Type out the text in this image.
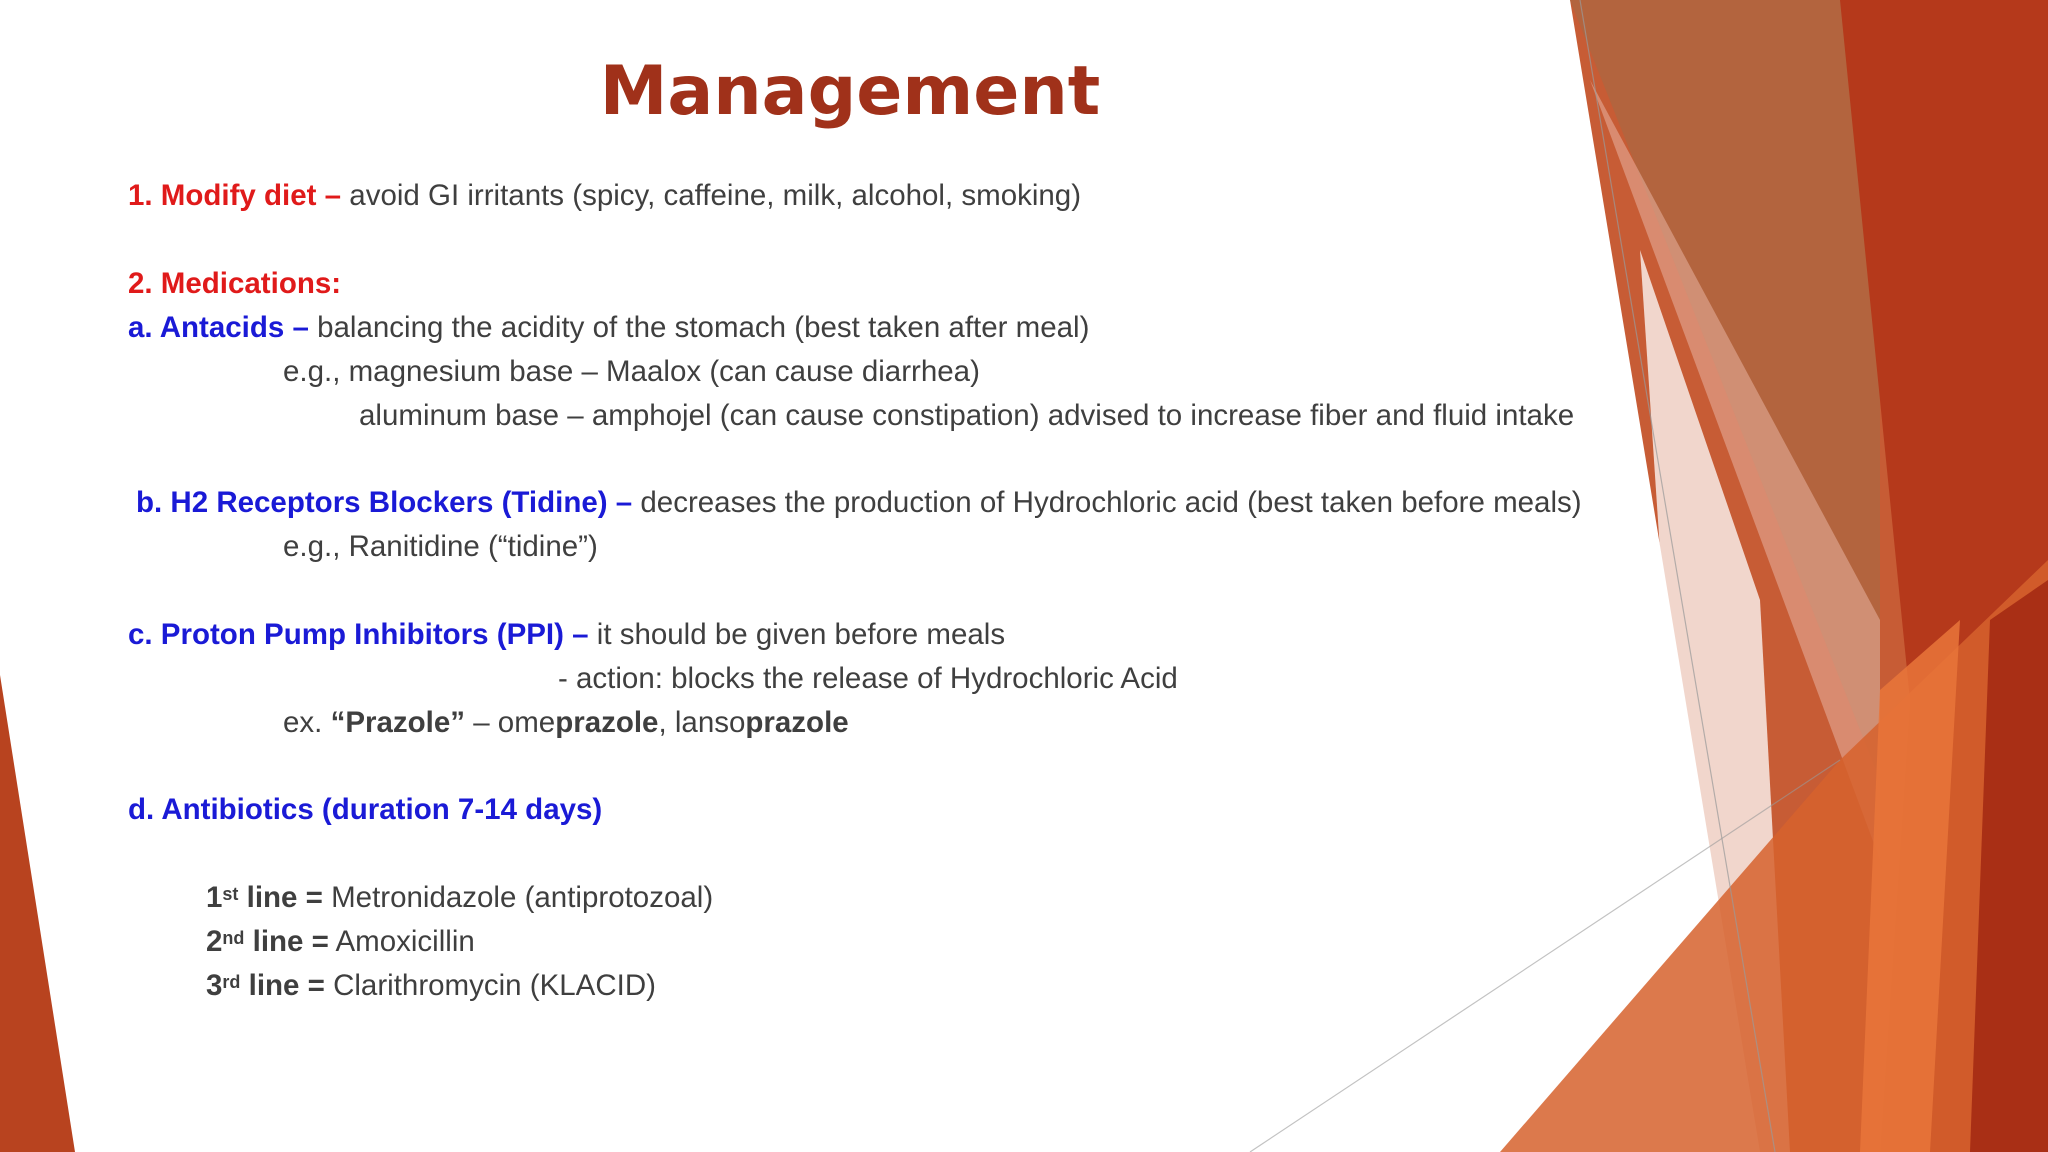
Management
1. Modify diet – avoid GI irritants (spicy, caffeine, milk, alcohol, smoking)
2. Medications:
a. Antacids – balancing the acidity of the stomach (best taken after meal)
e.g., magnesium base – Maalox (can cause diarrhea)
aluminum base – amphojel (can cause constipation) advised to increase fiber and fluid intake
b. H2 Receptors Blockers (Tidine) – decreases the production of Hydrochloric acid (best taken before meals)
e.g., Ranitidine (“tidine”)
c. Proton Pump Inhibitors (PPI) – it should be given before meals
- action: blocks the release of Hydrochloric Acid
ex. “Prazole” – omeprazole, lansoprazole
d. Antibiotics (duration 7-14 days)
1st line = Metronidazole (antiprotozoal)
2nd line = Amoxicillin
3rd line = Clarithromycin (KLACID)
